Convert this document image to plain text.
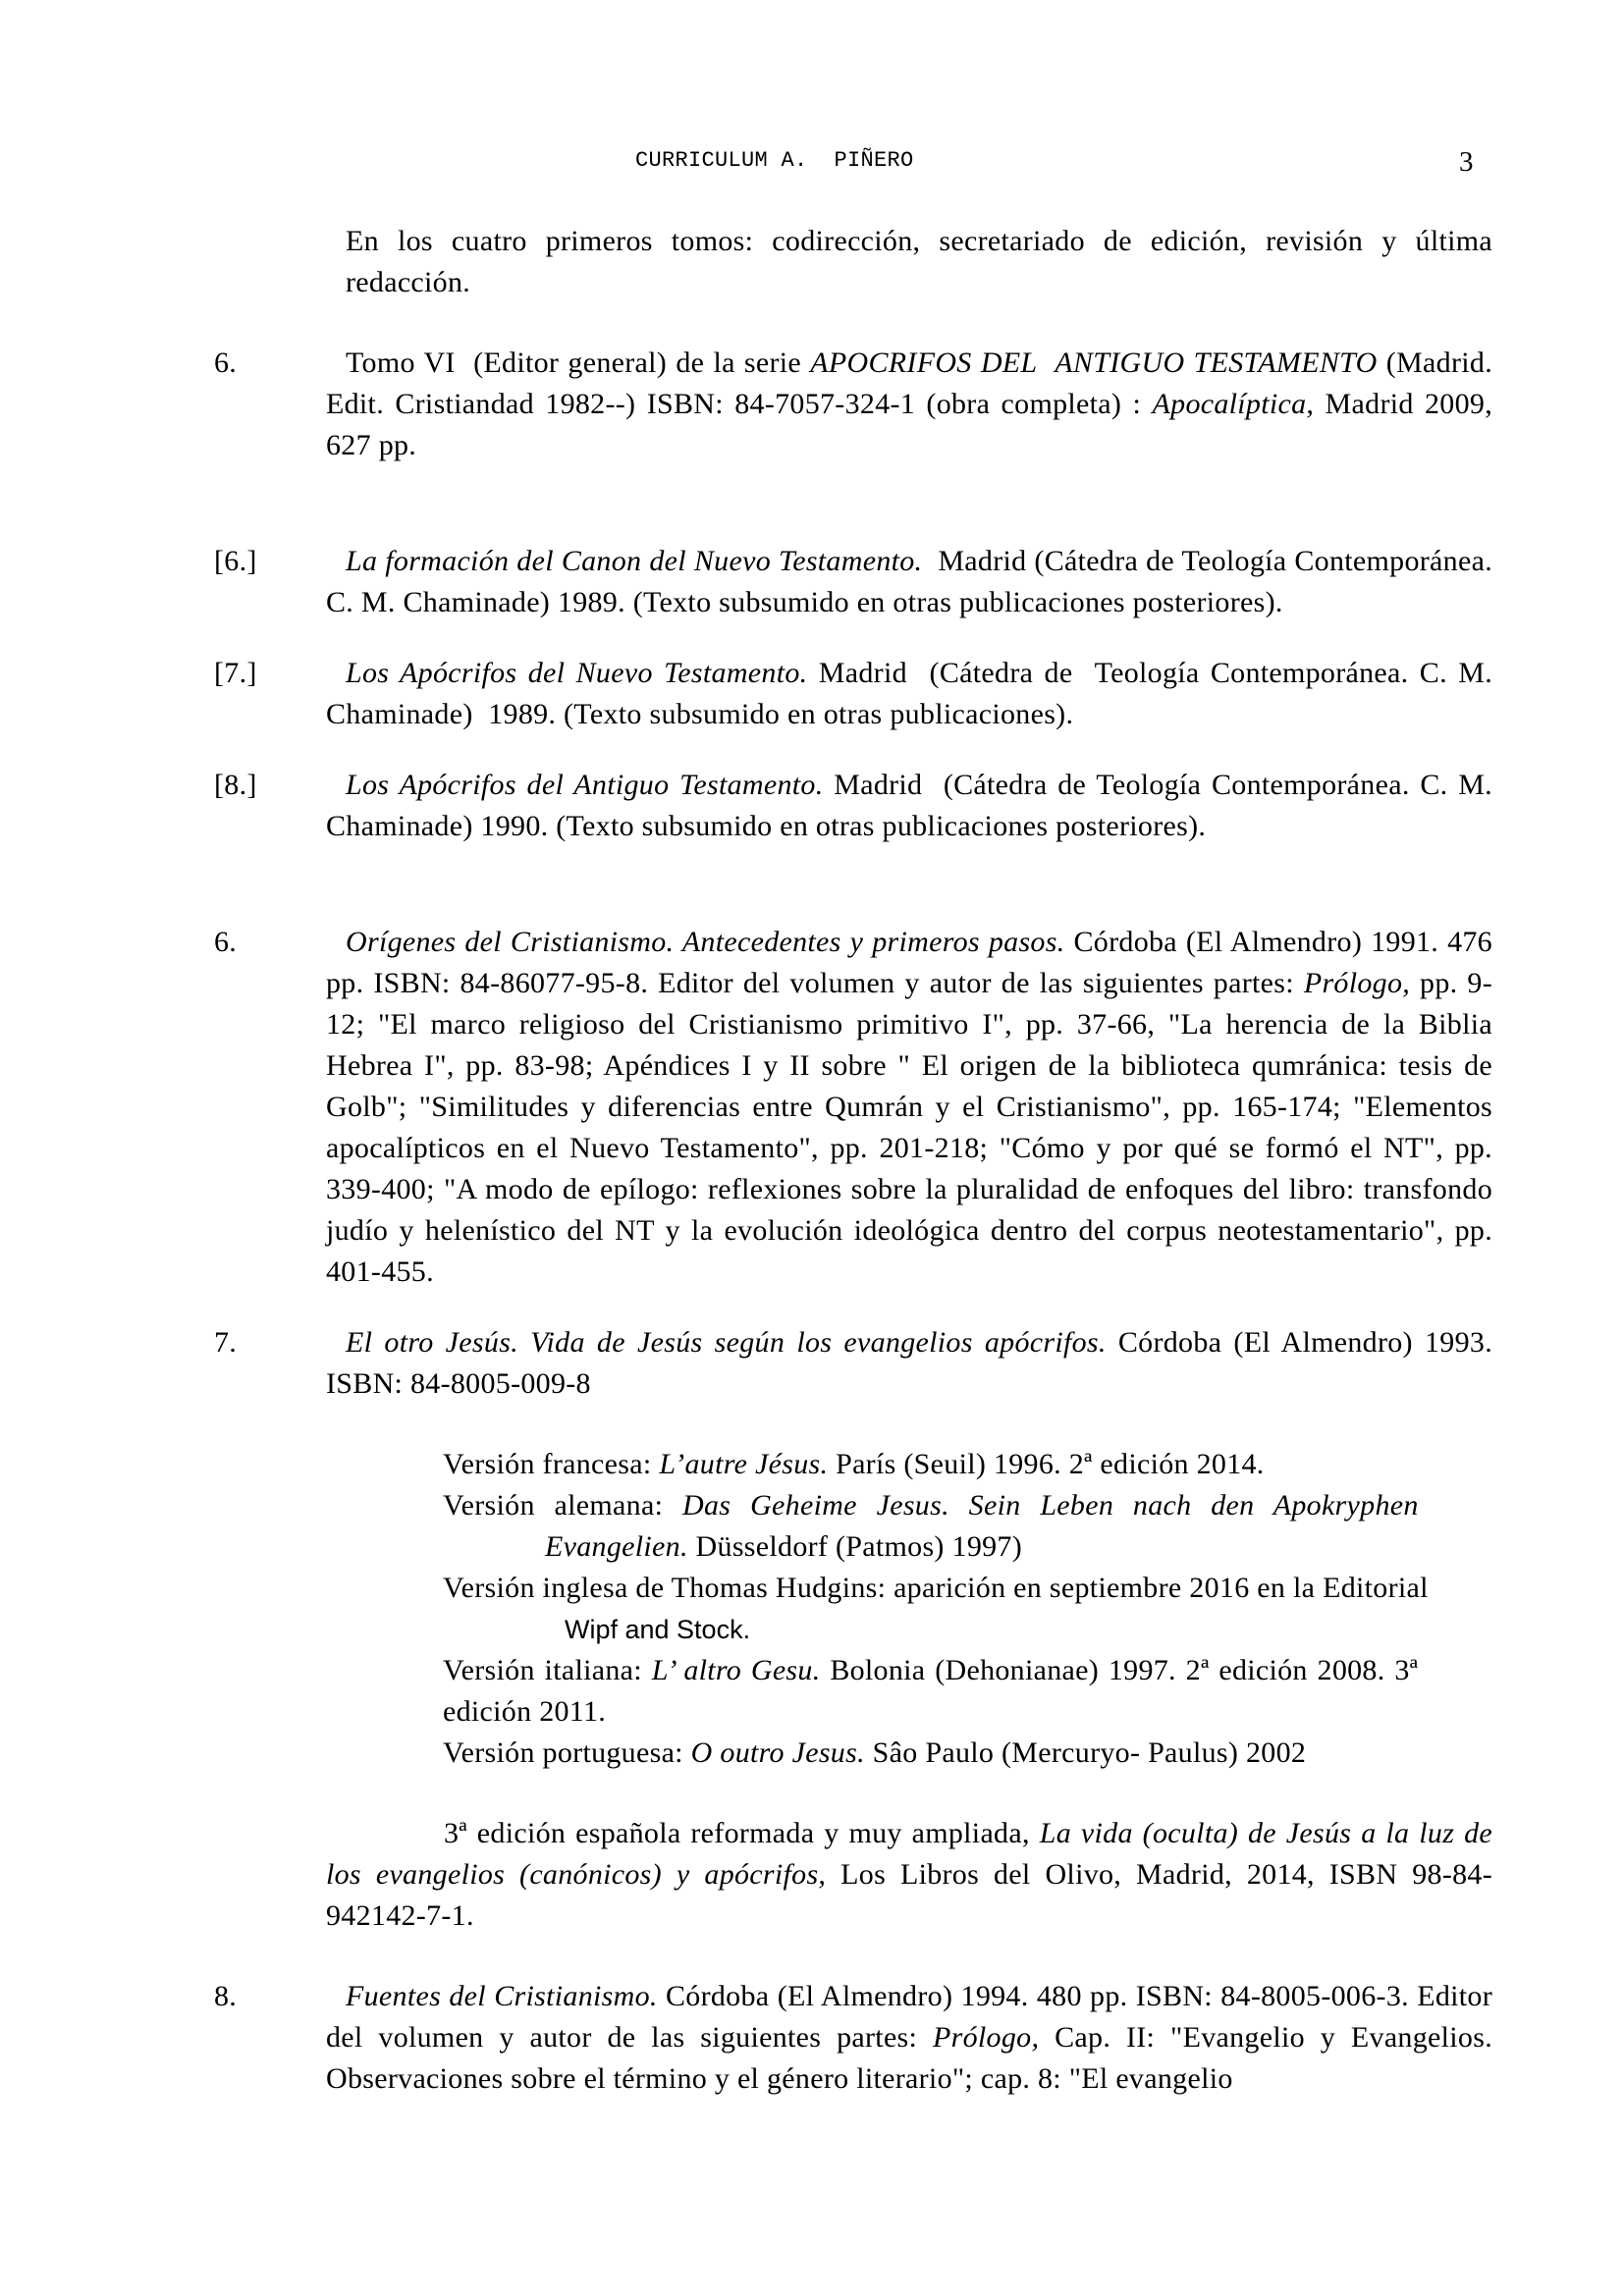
CURRICULUM A.  PIÑERO	3
En los cuatro primeros tomos: codirección, secretariado de edición, revisión y última redacción.
6.	Tomo VI  (Editor general) de la serie APOCRIFOS DEL  ANTIGUO TESTAMENTO (Madrid. Edit. Cristiandad 1982--) ISBN: 84-7057-324-1 (obra completa) : Apocalíptica, Madrid 2009, 627 pp.
[6.]	La formación del Canon del Nuevo Testamento.  Madrid (Cátedra de Teología Contemporánea. C. M. Chaminade) 1989. (Texto subsumido en otras publicaciones posteriores).
[7.]	Los Apócrifos del Nuevo Testamento. Madrid  (Cátedra de  Teología Contemporánea. C. M. Chaminade)  1989. (Texto subsumido en otras publicaciones).
[8.]	Los Apócrifos del Antiguo Testamento. Madrid  (Cátedra de Teología Contemporánea. C. M. Chaminade) 1990. (Texto subsumido en otras publicaciones posteriores).
6.	Orígenes del Cristianismo. Antecedentes y primeros pasos. Córdoba (El Almendro) 1991. 476 pp. ISBN: 84-86077-95-8. Editor del volumen y autor de las siguientes partes: Prólogo, pp. 9-12; "El marco religioso del Cristianismo primitivo I", pp. 37-66, "La herencia de la Biblia Hebrea I", pp. 83-98; Apéndices I y II sobre " El origen de la biblioteca qumránica: tesis de Golb"; "Similitudes y diferencias entre Qumrán y el Cristianismo", pp. 165-174; "Elementos apocalípticos en el Nuevo Testamento", pp. 201-218; "Cómo y por qué se formó el NT", pp. 339-400; "A modo de epílogo: reflexiones sobre la pluralidad de enfoques del libro: transfondo judío y helenístico del NT y la evolución ideológica dentro del corpus neotestamentario", pp. 401-455.
7.	El otro Jesús. Vida de Jesús según los evangelios apócrifos. Córdoba (El Almendro) 1993. ISBN: 84-8005-009-8
Versión francesa: L’autre Jésus. París (Seuil) 1996. 2ª edición 2014.
Versión alemana: Das Geheime Jesus. Sein Leben nach den Apokryphen
Evangelien. Düsseldorf (Patmos) 1997)
Versión inglesa de Thomas Hudgins: aparición en septiembre 2016 en la Editorial
Wipf and Stock.
Versión italiana: L’ altro Gesu. Bolonia (Dehonianae) 1997. 2ª edición 2008. 3ª
edición 2011.
Versión portuguesa: O outro Jesus. Sâo Paulo (Mercuryo- Paulus) 2002
3ª edición española reformada y muy ampliada, La vida (oculta) de Jesús a la luz de los evangelios (canónicos) y apócrifos, Los Libros del Olivo, Madrid, 2014, ISBN 98-84-942142-7-1.
8.	Fuentes del Cristianismo. Córdoba (El Almendro) 1994. 480 pp. ISBN: 84-8005-006-3. Editor del volumen y autor de las siguientes partes: Prólogo, Cap. II: "Evangelio y Evangelios. Observaciones sobre el término y el género literario"; cap. 8: "El evangelio
